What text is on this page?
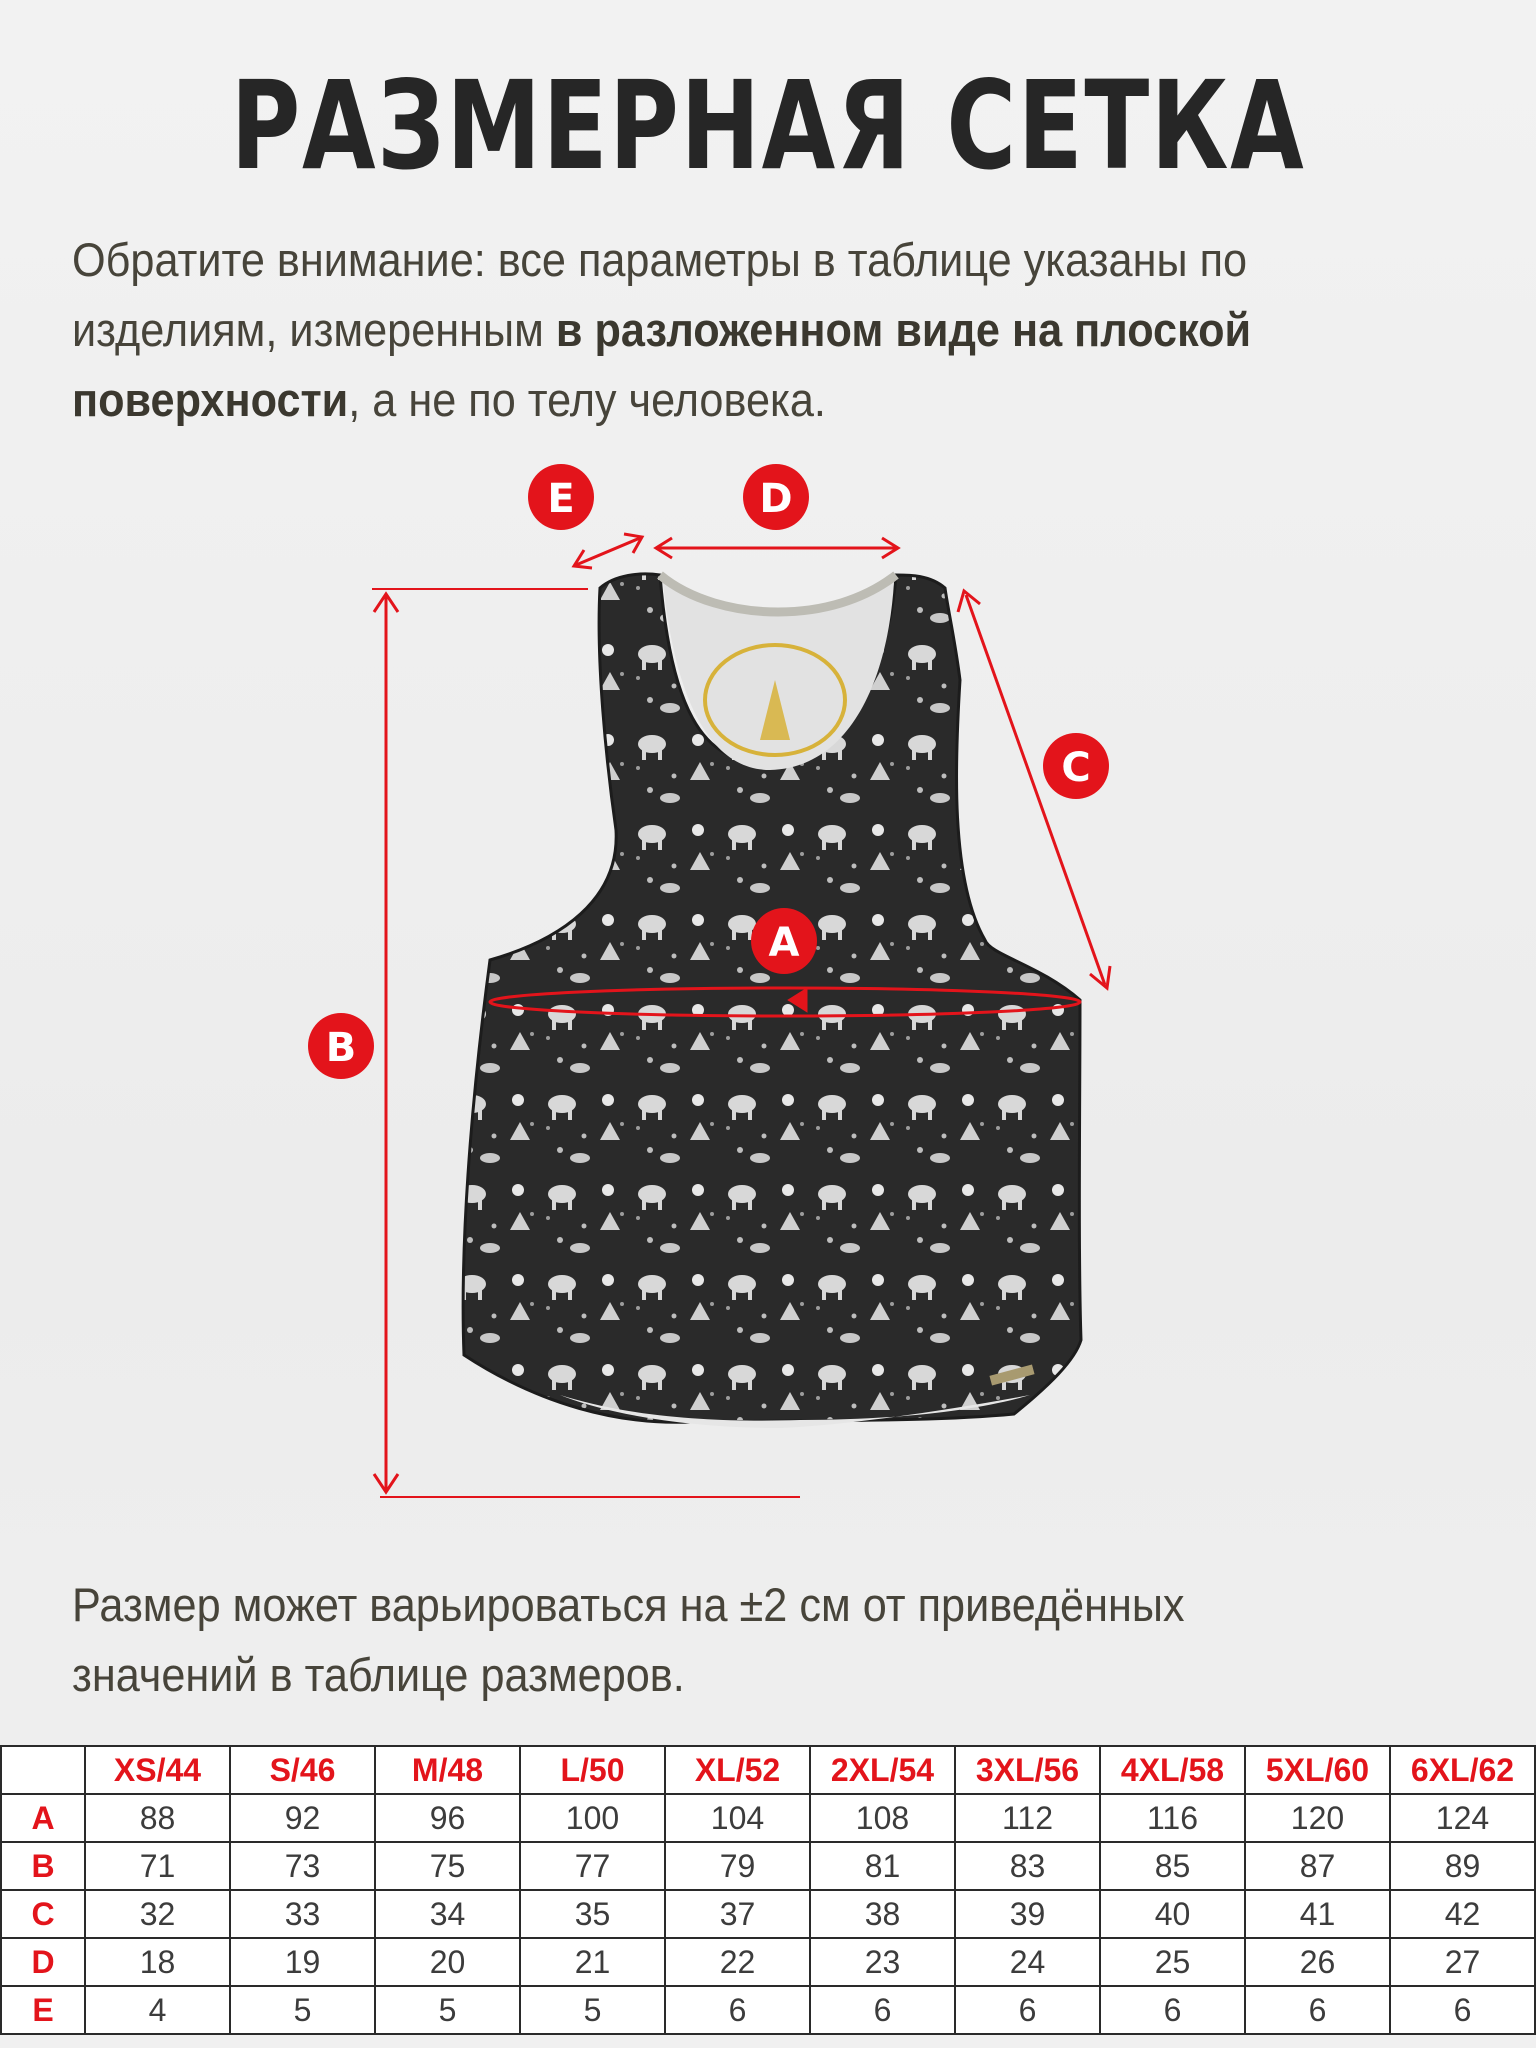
РАЗМЕРНАЯ СЕТКА

Обратите внимание: все параметры в таблице указаны по изделиям, измеренным в разложенном виде на плоской поверхности, а не по телу человека.

E	D
C
A
B

Размер может варьироваться на ±2 см от приведённых значений в таблице размеров.

	XS/44	S/46	M/48	L/50	XL/52	2XL/54	3XL/56	4XL/58	5XL/60	6XL/62
A	88	92	96	100	104	108	112	116	120	124
B	71	73	75	77	79	81	83	85	87	89
C	32	33	34	35	37	38	39	40	41	42
D	18	19	20	21	22	23	24	25	26	27
E	4	5	5	5	6	6	6	6	6	6
